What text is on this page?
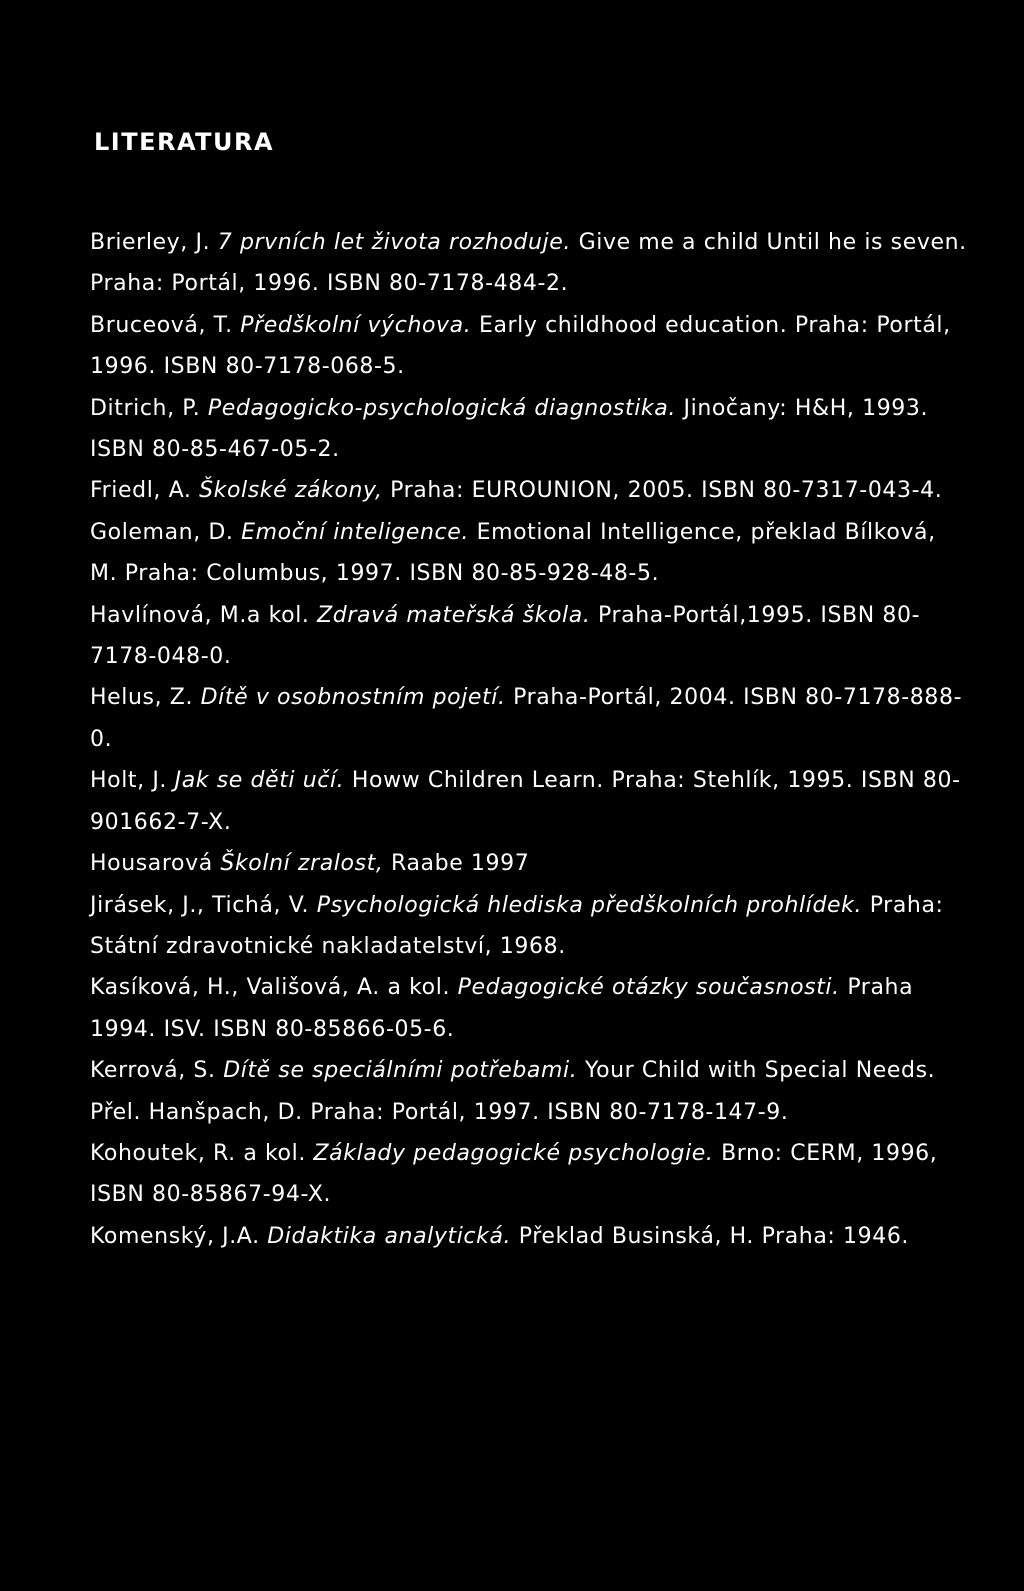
LITERATURA
Brierley, J. 7 prvních let života rozhoduje. Give me a child Until he is seven. Praha: Portál, 1996. ISBN 80-7178-484-2.
Bruceová, T. Předškolní výchova. Early childhood education. Praha: Portál, 1996. ISBN 80-7178-068-5.
Ditrich, P. Pedagogicko-psychologická diagnostika. Jinočany: H&H, 1993. ISBN 80-85-467-05-2.
Friedl, A. Školské zákony, Praha: EUROUNION, 2005. ISBN 80-7317-043-4.
Goleman, D. Emoční inteligence. Emotional Intelligence, překlad Bílková, M. Praha: Columbus, 1997. ISBN 80-85-928-48-5.
Havlínová, M.a kol. Zdravá mateřská škola. Praha-Portál,1995. ISBN 80-7178-048-0.
Helus, Z. Dítě v osobnostním pojetí. Praha-Portál, 2004. ISBN 80-7178-888-0.
Holt, J. Jak se děti učí. Howw Children Learn. Praha: Stehlík, 1995. ISBN 80-901662-7-X.
Housarová Školní zralost, Raabe 1997
Jirásek, J., Tichá, V. Psychologická hlediska předškolních prohlídek. Praha: Státní zdravotnické nakladatelství, 1968.
Kasíková, H., Vališová, A. a kol. Pedagogické otázky současnosti. Praha 1994. ISV. ISBN 80-85866-05-6.
Kerrová, S. Dítě se speciálními potřebami. Your Child with Special Needs. Přel. Hanšpach, D. Praha: Portál, 1997. ISBN 80-7178-147-9.
Kohoutek, R. a kol. Základy pedagogické psychologie. Brno: CERM, 1996, ISBN 80-85867-94-X.
Komenský, J.A. Didaktika analytická. Překlad Businská, H. Praha: 1946.
